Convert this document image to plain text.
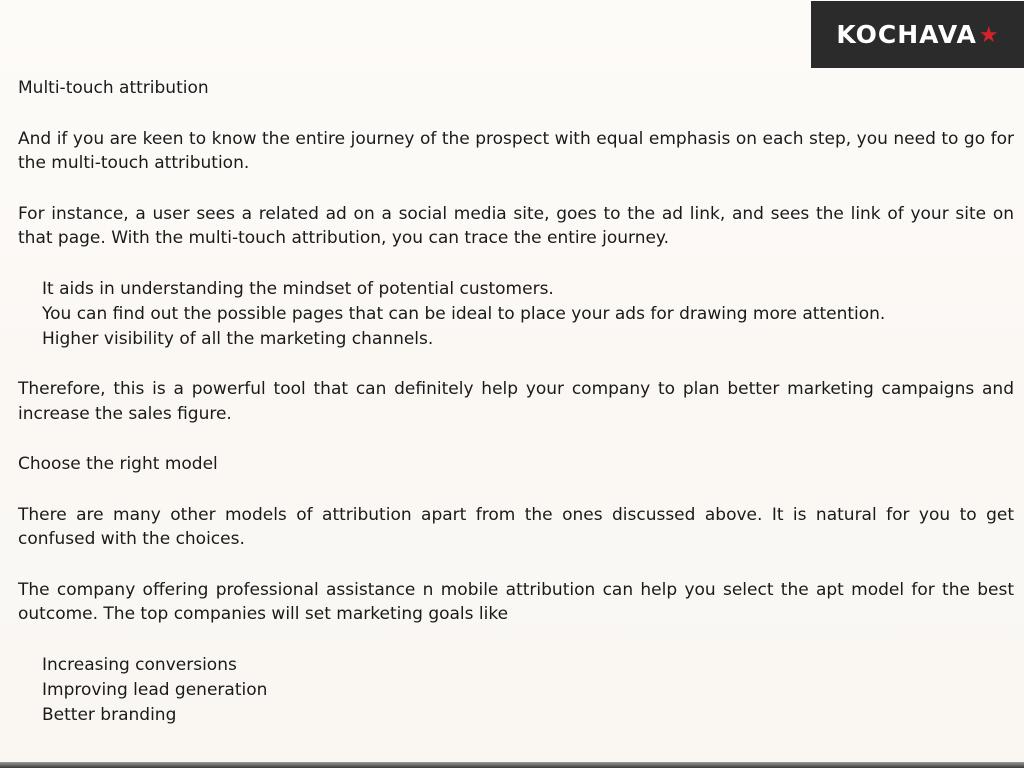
KOCHAVA ★

Multi-touch attribution

And if you are keen to know the entire journey of the prospect with equal emphasis on each step, you need to go for the multi-touch attribution.

For instance, a user sees a related ad on a social media site, goes to the ad link, and sees the link of your site on that page. With the multi-touch attribution, you can trace the entire journey.

It aids in understanding the mindset of potential customers.
You can find out the possible pages that can be ideal to place your ads for drawing more attention.
Higher visibility of all the marketing channels.

Therefore, this is a powerful tool that can definitely help your company to plan better marketing campaigns and increase the sales figure.

Choose the right model

There are many other models of attribution apart from the ones discussed above. It is natural for you to get confused with the choices.

The company offering professional assistance n mobile attribution can help you select the apt model for the best outcome. The top companies will set marketing goals like

Increasing conversions
Improving lead generation
Better branding
